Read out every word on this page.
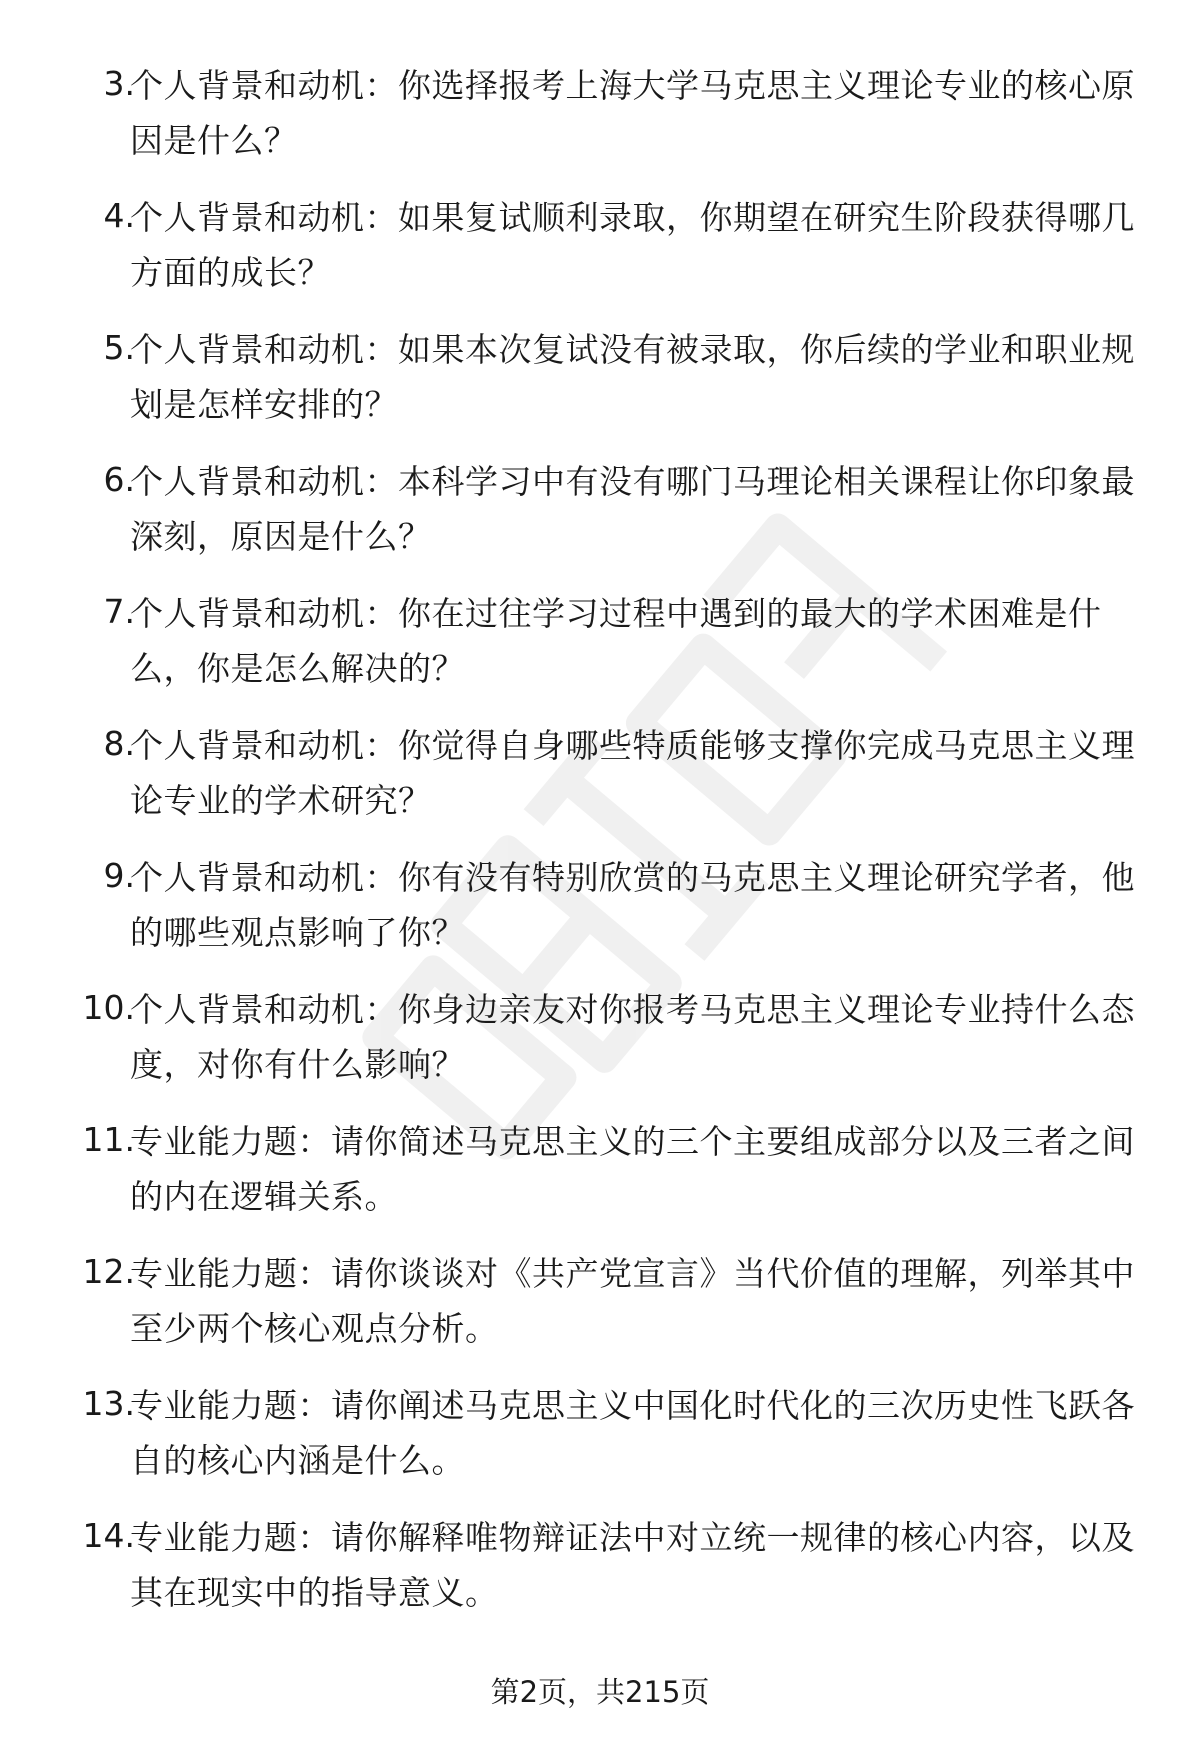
3.
个人背景和动机：你选择报考上海大学马克思主义理论专业的核心原因是什么？
4.
个人背景和动机：如果复试顺利录取，你期望在研究生阶段获得哪几方面的成长？
5.
个人背景和动机：如果本次复试没有被录取，你后续的学业和职业规划是怎样安排的？
6.
个人背景和动机：本科学习中有没有哪门马理论相关课程让你印象最深刻，原因是什么？
7.
个人背景和动机：你在过往学习过程中遇到的最大的学术困难是什么，你是怎么解决的？
8.
个人背景和动机：你觉得自身哪些特质能够支撑你完成马克思主义理论专业的学术研究？
9.
个人背景和动机：你有没有特别欣赏的马克思主义理论研究学者，他的哪些观点影响了你？
10.
个人背景和动机：你身边亲友对你报考马克思主义理论专业持什么态度，对你有什么影响？
11.
专业能力题：请你简述马克思主义的三个主要组成部分以及三者之间的内在逻辑关系。
12.
专业能力题：请你谈谈对《共产党宣言》当代价值的理解，列举其中至少两个核心观点分析。
13.
专业能力题：请你阐述马克思主义中国化时代化的三次历史性飞跃各自的核心内涵是什么。
14.
专业能力题：请你解释唯物辩证法中对立统一规律的核心内容，以及其在现实中的指导意义。
第2页，共215页
